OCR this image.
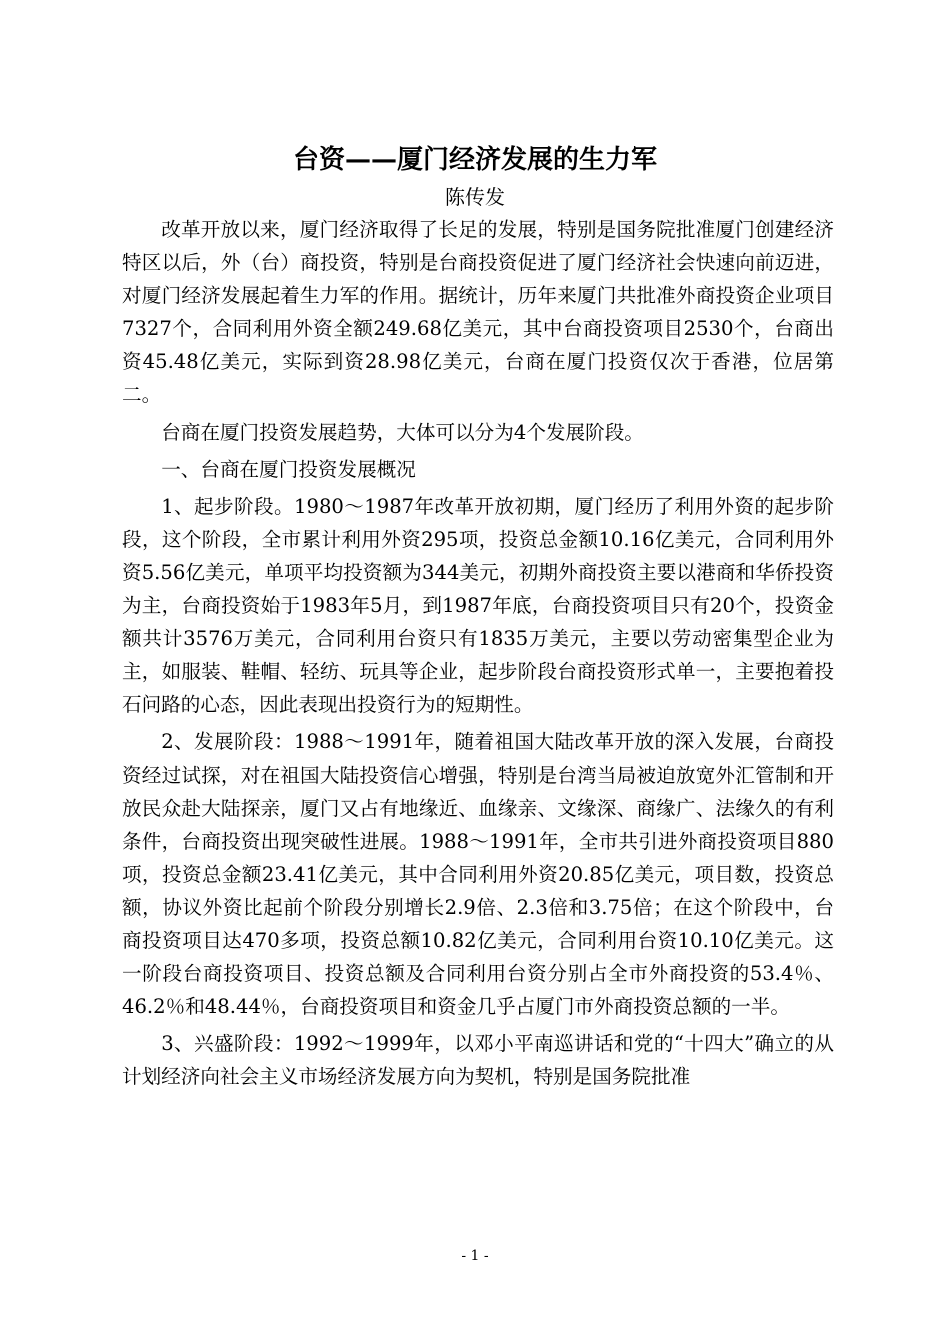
台资——厦门经济发展的生力军
陈传发

改革开放以来，厦门经济取得了长足的发展，特别是国务院批准厦门创建经济特区以后，外（台）商投资，特别是台商投资促进了厦门经济社会快速向前迈进，对厦门经济发展起着生力军的作用。据统计，历年来厦门共批准外商投资企业项目7327个，合同利用外资全额249.68亿美元，其中台商投资项目2530个，台商出资45.48亿美元，实际到资28.98亿美元，台商在厦门投资仅次于香港，位居第二。

台商在厦门投资发展趋势，大体可以分为4个发展阶段。

一、台商在厦门投资发展概况

1、起步阶段。1980～1987年改革开放初期，厦门经历了利用外资的起步阶段，这个阶段，全市累计利用外资295项，投资总金额10.16亿美元，合同利用外资5.56亿美元，单项平均投资额为344美元，初期外商投资主要以港商和华侨投资为主，台商投资始于1983年5月，到1987年底，台商投资项目只有20个，投资金额共计3576万美元，合同利用台资只有1835万美元，主要以劳动密集型企业为主，如服装、鞋帽、轻纺、玩具等企业，起步阶段台商投资形式单一，主要抱着投石问路的心态，因此表现出投资行为的短期性。

2、发展阶段：1988～1991年，随着祖国大陆改革开放的深入发展，台商投资经过试探，对在祖国大陆投资信心增强，特别是台湾当局被迫放宽外汇管制和开放民众赴大陆探亲，厦门又占有地缘近、血缘亲、文缘深、商缘广、法缘久的有利条件，台商投资出现突破性进展。1988～1991年，全市共引进外商投资项目880项，投资总金额23.41亿美元，其中合同利用外资20.85亿美元，项目数，投资总额，协议外资比起前个阶段分别增长2.9倍、2.3倍和3.75倍；在这个阶段中，台商投资项目达470多项，投资总额10.82亿美元，合同利用台资10.10亿美元。这一阶段台商投资项目、投资总额及合同利用台资分别占全市外商投资的53.4％、46.2％和48.44％，台商投资项目和资金几乎占厦门市外商投资总额的一半。

3、兴盛阶段：1992～1999年，以邓小平南巡讲话和党的“十四大”确立的从计划经济向社会主义市场经济发展方向为契机，特别是国务院批准

- 1 -
